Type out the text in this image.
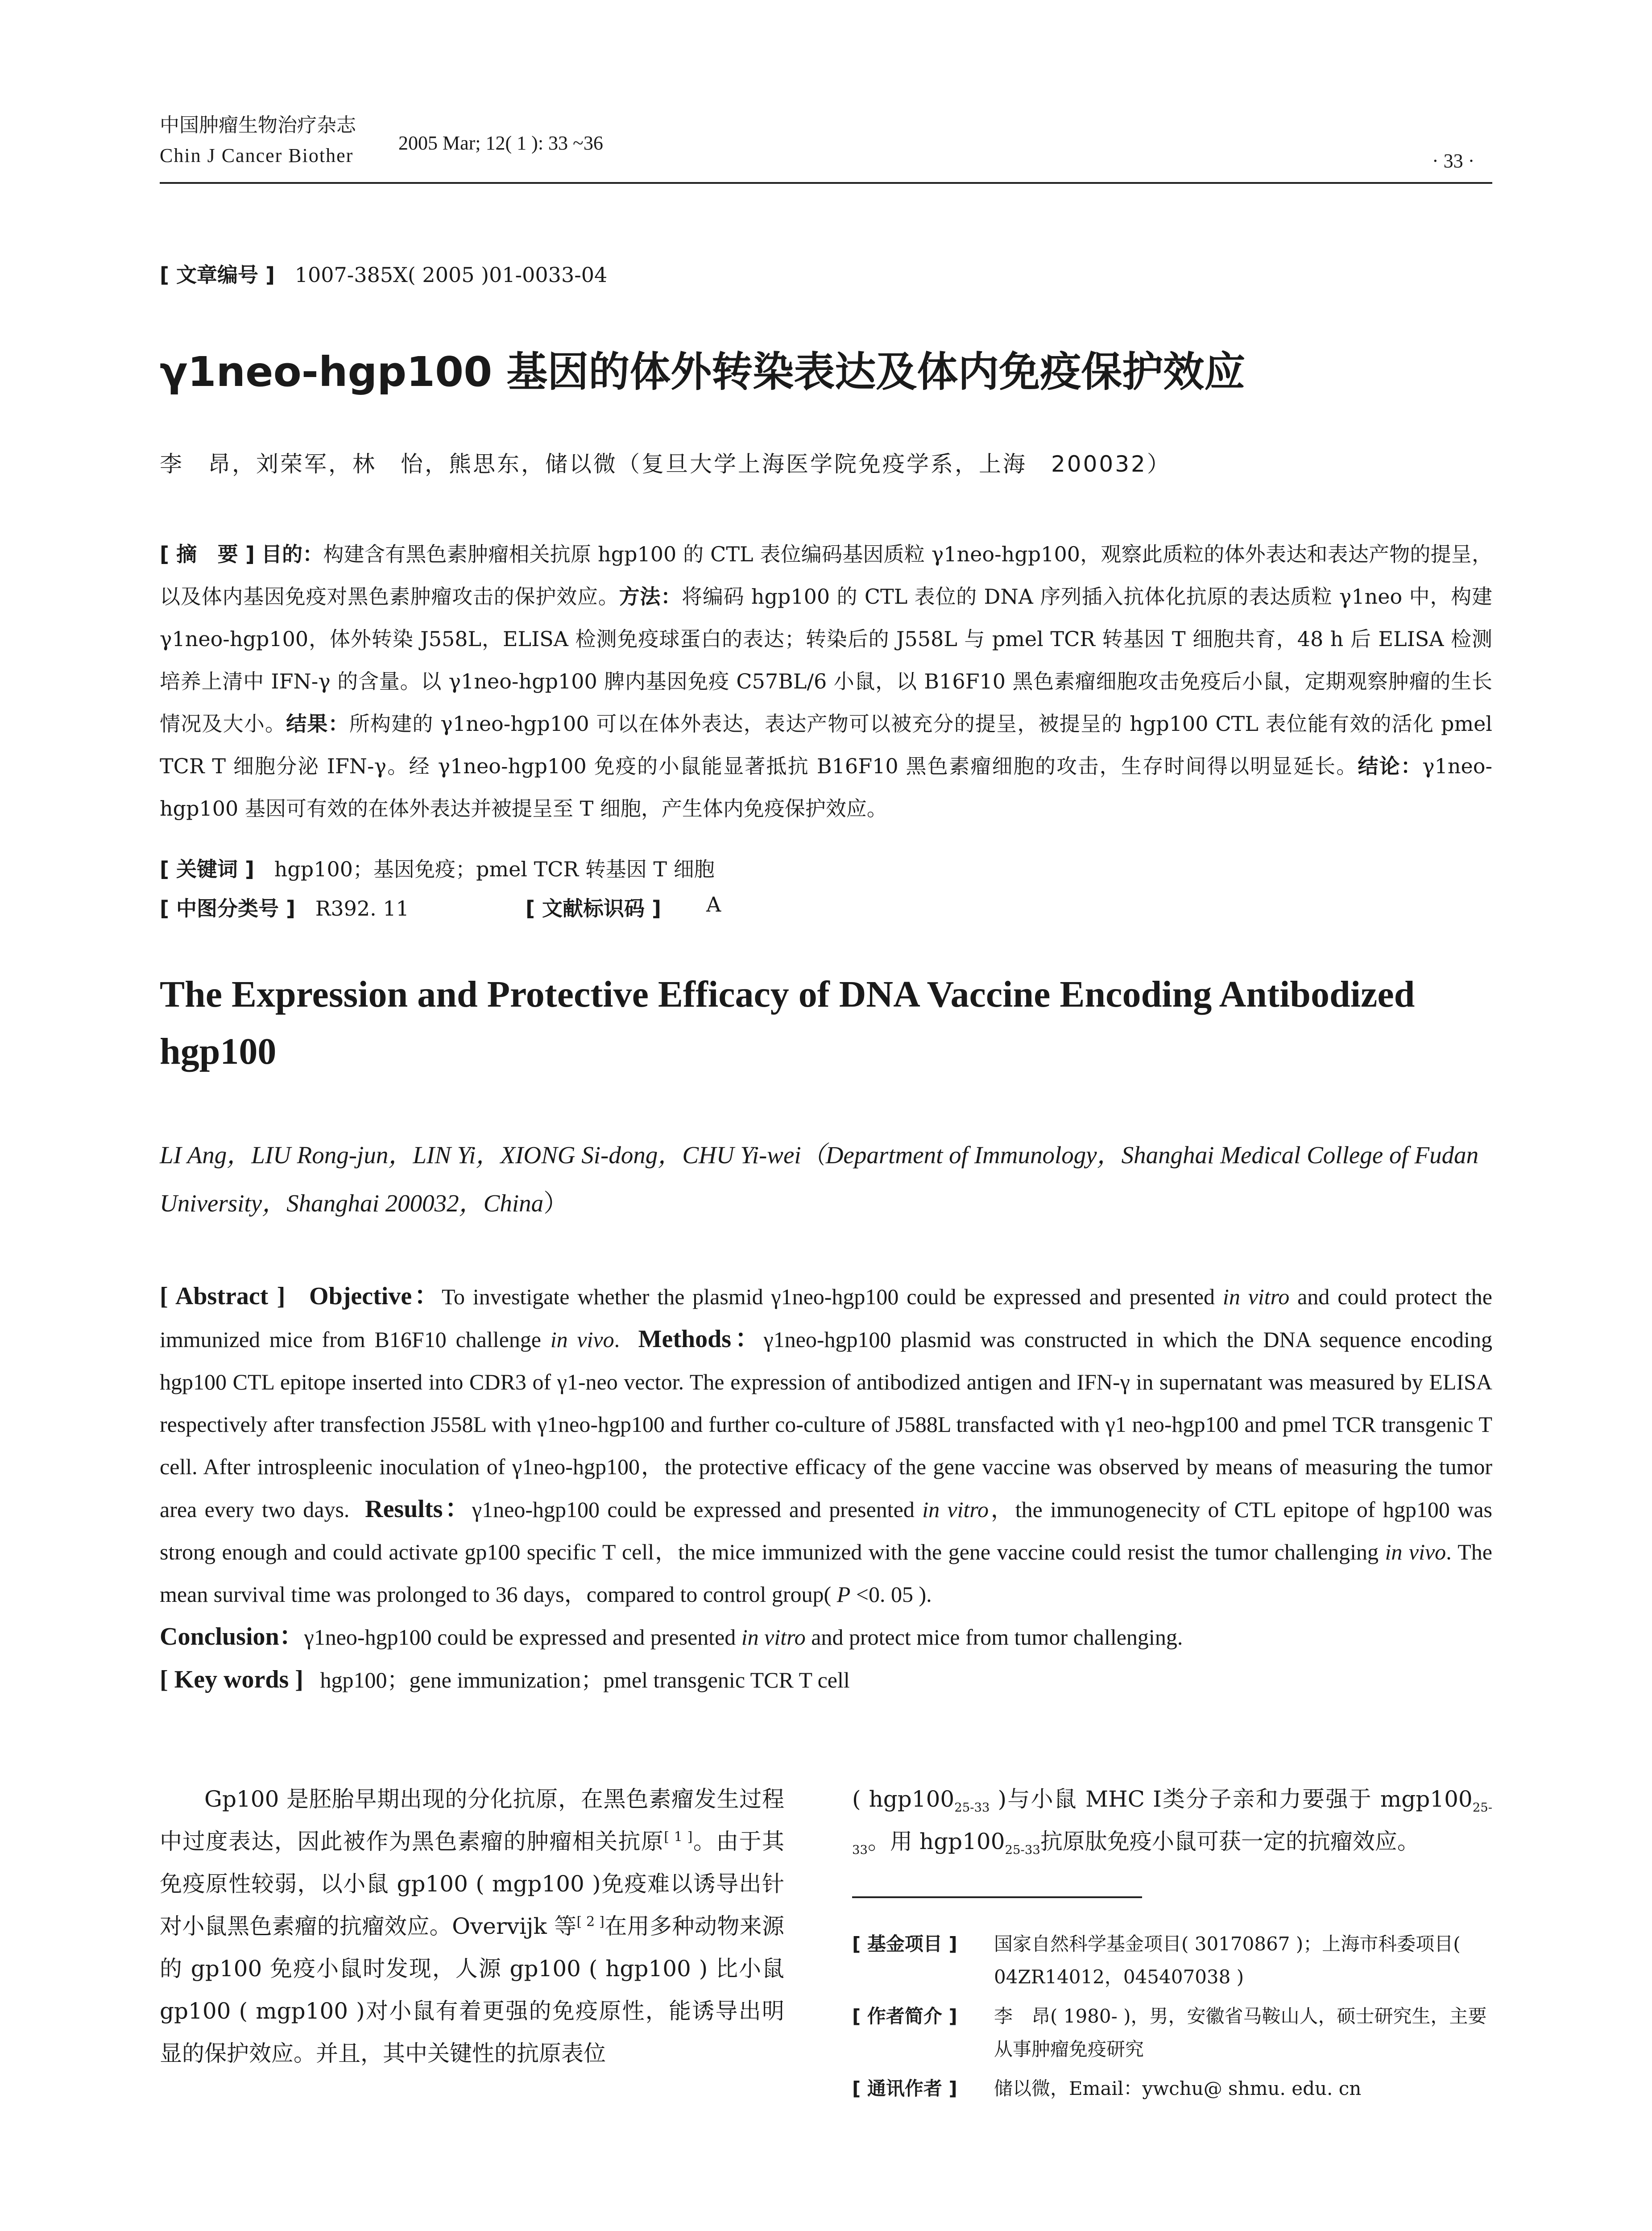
中国肿瘤生物治疗杂志
Chin J Cancer Biother
2005 Mar; 12( 1 ): 33 ~36
· 33 ·
[ 文章编号 ] 1007-385X( 2005 )01-0033-04
γ1neo-hgp100 基因的体外转染表达及体内免疫保护效应
李　昂，刘荣军，林　怡，熊思东，储以微（复旦大学上海医学院免疫学系，上海　200032）
[ 摘　要 ] 目的：构建含有黑色素肿瘤相关抗原 hgp100 的 CTL 表位编码基因质粒 γ1neo-hgp100，观察此质粒的体外表达和表达产物的提呈，以及体内基因免疫对黑色素肿瘤攻击的保护效应。方法：将编码 hgp100 的 CTL 表位的 DNA 序列插入抗体化抗原的表达质粒 γ1neo 中，构建 γ1neo-hgp100，体外转染 J558L，ELISA 检测免疫球蛋白的表达；转染后的 J558L 与 pmel TCR 转基因 T 细胞共育，48 h 后 ELISA 检测培养上清中 IFN-γ 的含量。以 γ1neo-hgp100 脾内基因免疫 C57BL/6 小鼠，以 B16F10 黑色素瘤细胞攻击免疫后小鼠，定期观察肿瘤的生长情况及大小。结果：所构建的 γ1neo-hgp100 可以在体外表达，表达产物可以被充分的提呈，被提呈的 hgp100 CTL 表位能有效的活化 pmel TCR T 细胞分泌 IFN-γ。经 γ1neo-hgp100 免疫的小鼠能显著抵抗 B16F10 黑色素瘤细胞的攻击，生存时间得以明显延长。结论：γ1neo-hgp100 基因可有效的在体外表达并被提呈至 T 细胞，产生体内免疫保护效应。
[ 关键词 ] hgp100；基因免疫；pmel TCR 转基因 T 细胞
[ 中图分类号 ] R392. 11	[ 文献标识码 ] A
The Expression and Protective Efficacy of DNA Vaccine Encoding Antibodized hgp100
LI Ang，LIU Rong-jun，LIN Yi，XIONG Si-dong，CHU Yi-wei（Department of Immunology，Shanghai Medical College of Fudan University，Shanghai 200032，China）
[ Abstract ] Objective：To investigate whether the plasmid γ1neo-hgp100 could be expressed and presented in vitro and could protect the immunized mice from B16F10 challenge in vivo. Methods：γ1neo-hgp100 plasmid was constructed in which the DNA sequence encoding hgp100 CTL epitope inserted into CDR3 of γ1-neo vector. The expression of antibodized antigen and IFN-γ in supernatant was measured by ELISA respectively after transfection J558L with γ1neo-hgp100 and further co-culture of J588L transfacted with γ1 neo-hgp100 and pmel TCR transgenic T cell. After introspleenic inoculation of γ1neo-hgp100，the protective efficacy of the gene vaccine was observed by means of measuring the tumor area every two days. Results：γ1neo-hgp100 could be expressed and presented in vitro，the immunogenecity of CTL epitope of hgp100 was strong enough and could activate gp100 specific T cell，the mice immunized with the gene vaccine could resist the tumor challenging in vivo. The mean survival time was prolonged to 36 days，compared to control group( P <0. 05 ).
Conclusion：γ1neo-hgp100 could be expressed and presented in vitro and protect mice from tumor challenging.
[ Key words ] hgp100；gene immunization；pmel transgenic TCR T cell
Gp100 是胚胎早期出现的分化抗原，在黑色素瘤发生过程中过度表达，因此被作为黑色素瘤的肿瘤相关抗原[ 1 ]。由于其免疫原性较弱，以小鼠 gp100 ( mgp100 )免疫难以诱导出针对小鼠黑色素瘤的抗瘤效应。Overvijk 等[ 2 ]在用多种动物来源的 gp100 免疫小鼠时发现，人源 gp100 ( hgp100 ) 比小鼠 gp100 ( mgp100 )对小鼠有着更强的免疫原性，能诱导出明显的保护效应。并且，其中关键性的抗原表位
( $hgp100_{25-33}$ )与小鼠 MHC Ⅰ类分子亲和力要强于 $mgp100_{25-33}$。用 $hgp100_{25-33}$抗原肽免疫小鼠可获一定的抗瘤效应。
[ 基金项目 ]	国家自然科学基金项目( 30170867 )；上海市科委项目( 04ZR14012，045407038 )
[ 作者简介 ]	李　昂( 1980- )，男，安徽省马鞍山人，硕士研究生，主要从事肿瘤免疫研究
[ 通讯作者 ]	储以微，Email：ywchu@ shmu. edu. cn
